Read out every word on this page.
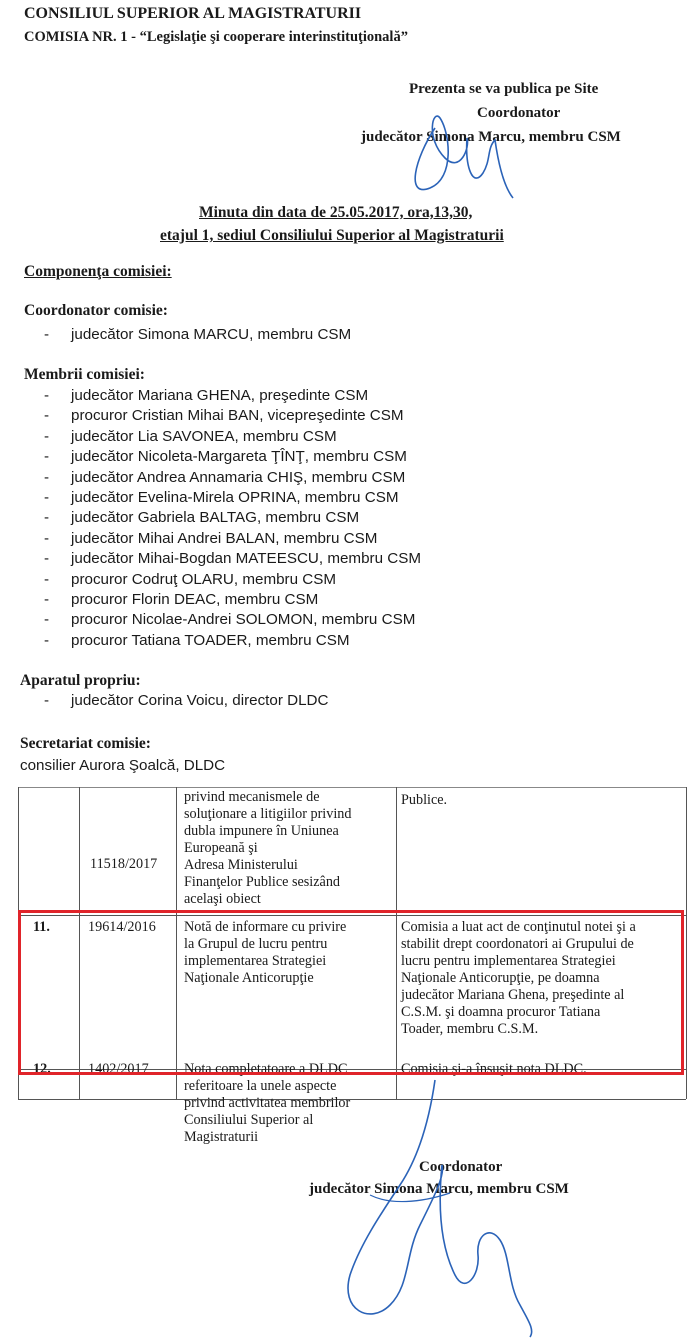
CONSILIUL SUPERIOR AL MAGISTRATURII
COMISIA NR. 1 - “Legislaţie şi cooperare interinstituţională”
Prezenta se va publica pe Site
Coordonator
judecător Simona Marcu, membru CSM
Minuta din data de 25.05.2017, ora,13,30,
etajul 1, sediul Consiliului Superior al Magistraturii
Componenţa comisiei:
Coordonator comisie:
- judecător Simona MARCU, membru CSM
Membrii comisiei:
- judecător Mariana GHENA, preşedinte CSM
- procuror Cristian Mihai BAN, vicepreşedinte CSM
- judecător Lia SAVONEA, membru CSM
- judecător Nicoleta-Margareta ŢÎNŢ, membru CSM
- judecător Andrea Annamaria CHIŞ, membru CSM
- judecător Evelina-Mirela OPRINA, membru CSM
- judecător Gabriela BALTAG, membru CSM
- judecător Mihai Andrei BALAN, membru CSM
- judecător Mihai-Bogdan MATEESCU, membru CSM
- procuror Codruţ OLARU, membru CSM
- procuror Florin DEAC, membru CSM
- procuror Nicolae-Andrei SOLOMON, membru CSM
- procuror Tatiana TOADER, membru CSM
Aparatul propriu:
- judecător Corina Voicu, director DLDC
Secretariat comisie:
consilier Aurora Şoalcă, DLDC
privind mecanismele de
soluţionare a litigiilor privind
dubla impunere în Uniunea
Europeană şi
Adresa Ministerului
Finanţelor Publice sesizând
acelaşi obiect
11518/2017
Publice.
11.	19614/2016 Notă de informare cu privire
la Grupul de lucru pentru
implementarea Strategiei
Naţionale Anticorupţie
Comisia a luat act de conţinutul notei şi a
stabilit drept coordonatori ai Grupului de
lucru pentru implementarea Strategiei
Naţionale Anticorupţie, pe doamna
judecător Mariana Ghena, preşedinte al
C.S.M. şi doamna procuror Tatiana
Toader, membru C.S.M.
12.	1402/2017 Nota completatoare a DLDC
referitoare la unele aspecte
privind activitatea membrilor
Consiliului Superior al
Magistraturii
Comisia şi-a însuşit nota DLDC.
Coordonator
judecător Simona Marcu, membru CSM
